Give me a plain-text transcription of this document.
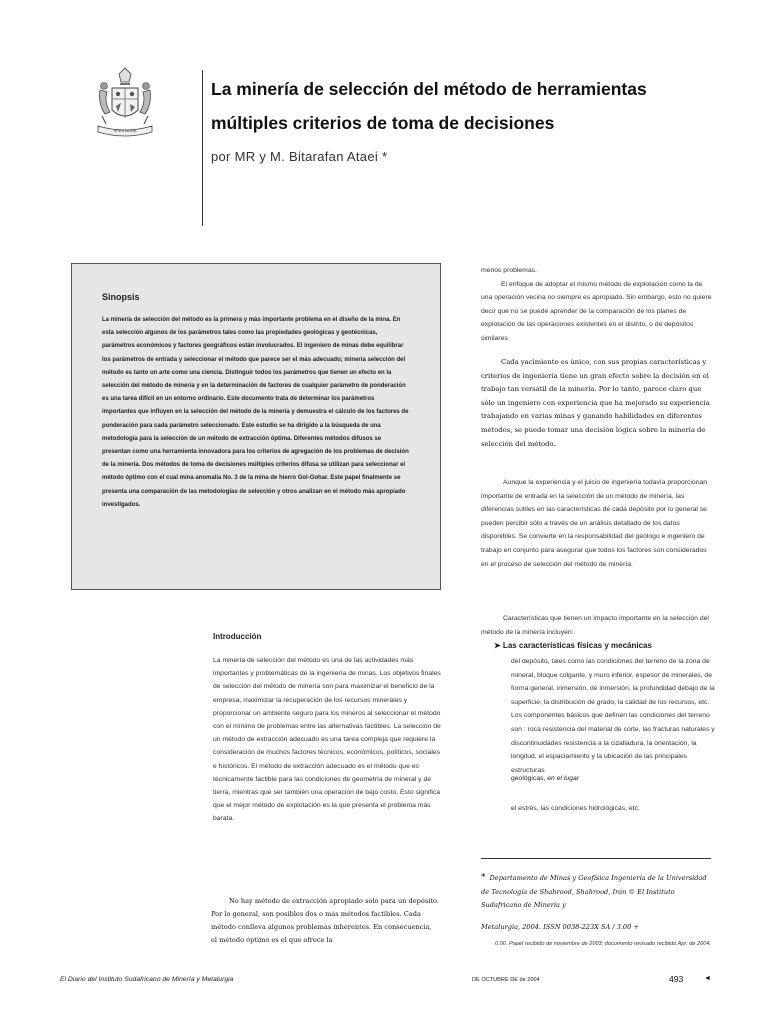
SPES BONA
La minería de selección del método de herramientas
múltiples criterios de toma de decisiones
por MR y M. Bitarafan Ataei *
Sinopsis
La minería de selección del método es la primera y más importante problema en el diseño de la mina. En esta selección algunos de los parámetros tales como las propiedades geológicas y geotécnicas, parámetros económicos y factores geográficos están involucrados. El ingeniero de minas debe equilibrar los parámetros de entrada y seleccionar el método que parece ser el más adecuado; minería selección del método es tanto un arte como una ciencia. Distinguir todos los parámetros que tienen un efecto en la selección del método de minería y en la determinación de factores de cualquier parámetro de ponderación es una tarea difícil en un entorno ordinario. Este documento trata de determinar los parámetros importantes que influyen en la selección del método de la minería y demuestra el cálculo de los factores de ponderación para cada parámetro seleccionado. Este estudio se ha dirigido a la búsqueda de una metodología para la selección de un método de extracción óptima. Diferentes métodos difusos se presentan como una herramienta innovadora para los criterios de agregación de los problemas de decisión de la minería. Dos métodos de toma de decisiones múltiples criterios difusa se utilizan para seleccionar el método óptimo con el cual mina anomalía No. 3 de la mina de hierro Gol-Gohar. Este papel finalmente se presenta una comparación de las metodologías de selección y otros analizan en el método más apropiado investigados.
Introducción
La minería de selección del método es una de las actividades más importantes y problemáticas de la ingeniería de minas. Los objetivos finales de selección del método de minería son para maximizar el beneficio de la empresa, maximizar la recuperación de los recursos minerales y proporcionar un ambiente seguro para los mineros al seleccionar el método con el mínimo de problemas entre las alternativas factibles. La selección de un método de extracción adecuado es una tarea compleja que requiere la consideración de muchos factores técnicos, económicos, políticos, sociales e históricos. El método de extracción adecuado es el método que es técnicamente factible para las condiciones de geometría de mineral y de tierra, mientras que ser también una operación de bajo costo. Esto significa que el mejor método de explotación es la que presenta el problema más barata.
No hay método de extracción apropiado solo para un depósito. Por lo general, son posibles dos o más métodos factibles. Cada método conlleva algunos problemas inherentes. En consecuencia, el método óptimo es el que ofrece la
menos problemas.
El enfoque de adoptar el mismo método de explotación como la de una operación vecina no siempre es apropiado. Sin embargo, esto no quiere decir que no se puede aprender de la comparación de los planes de explotación de las operaciones existentes en el distrito, o de depósitos similares.
Cada yacimiento es único, con sus propias características y criterios de ingeniería tiene un gran efecto sobre la decisión en el trabajo tan versátil de la minería. Por lo tanto, parece claro que sólo un ingeniero con experiencia que ha mejorado su experiencia trabajando en varias minas y ganando habilidades en diferentes métodos, se puede tomar una decisión lógica sobre la minería de selección del método.
Aunque la experiencia y el juicio de ingeniería todavía proporcionan importante de entrada en la selección de un método de minería, las diferencias sutiles en las características de cada depósito por lo general se pueden percibir sólo a través de un análisis detallado de los datos disponibles. Se convierte en la responsabilidad del geólogo e ingeniero de trabajo en conjunto para asegurar que todos los factores son considerados en el proceso de selección del método de minería.
Características que tienen un impacto importante en la selección del método de la minería incluyen:
➤ Las características físicas y mecánicas
del depósito, tales como las condiciones del terreno de la zona de mineral, bloque colgante, y muro inferior, espesor de minerales, de forma general, inmersión, de inmersión, la profundidad debajo de la superficie, la distribución de grado, la calidad de los recursos, etc. Los componentes básicos que definen las condiciones del terreno son : roca resistencia del material de corte, las fracturas naturales y discontinuidades resistencia a la cizalladura, la orientación, la longitud, el espaciamiento y la ubicación de las principales estructuras
geológicas, en el lugar
el estrés, las condiciones hidrológicas, etc.
* Departamento de Minas y Geofísica Ingeniería de la Universidad de Tecnología de Shahrood, Shahrood, Irán © El Instituto Sudafricano de Minería y
Metalurgia, 2004. ISSN 0038-223X SA / 3.00 +
0.00. Papel recibido de noviembre de 2003; documento revisado recibido Apr. de 2004.
El Diario del Instituto Sudafricano de Minería y Metalurgia	DE OCTUBRE DE de 2004	493	◄
